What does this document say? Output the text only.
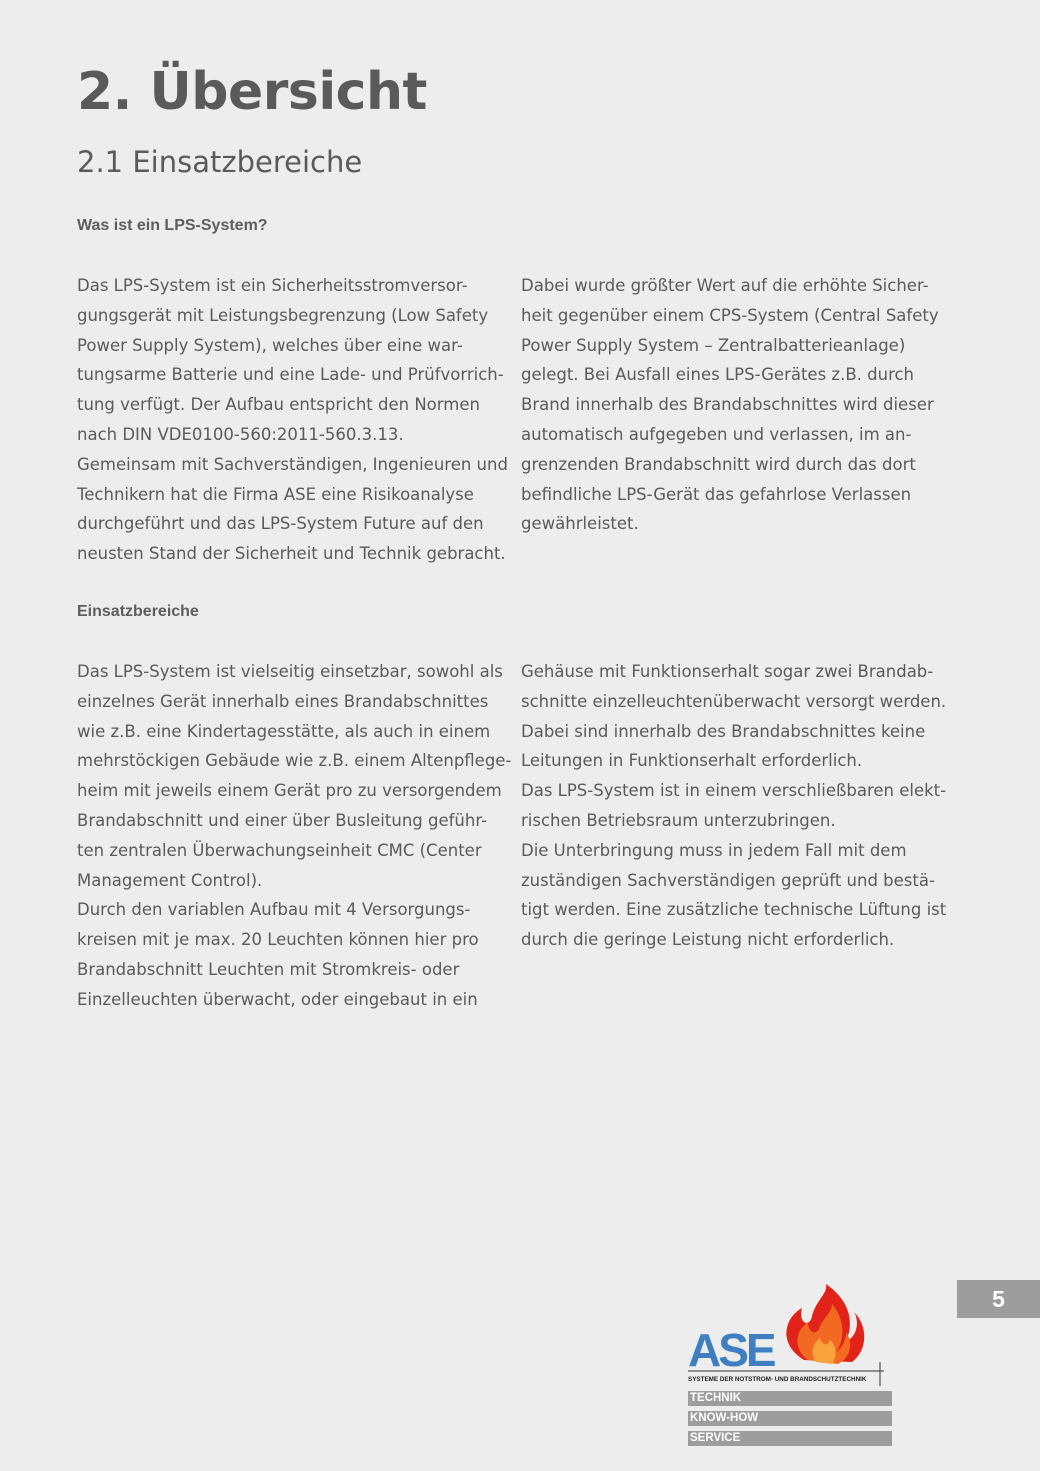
2. Übersicht
2.1 Einsatzbereiche
Was ist ein LPS-System?

Das LPS-System ist ein Sicherheitsstromversor-

gungsgerät mit Leistungsbegrenzung (Low Safety

Power Supply System), welches über eine war-

tungsarme Batterie und eine Lade- und Prüfvorrich-

tung verfügt. Der Aufbau entspricht den Normen

nach DIN VDE0100-560:2011-560.3.13.

Gemeinsam mit Sachverständigen, Ingenieuren und

Technikern hat die Firma ASE eine Risikoanalyse

durchgeführt und das LPS-System Future auf den

neusten Stand der Sicherheit und Technik gebracht.

Dabei wurde größter Wert auf die erhöhte Sicher-

heit gegenüber einem CPS-System (Central Safety

Power Supply System – Zentralbatterieanlage)

gelegt. Bei Ausfall eines LPS-Gerätes z.B. durch

Brand innerhalb des Brandabschnittes wird dieser

automatisch aufgegeben und verlassen, im an-

grenzenden Brandabschnitt wird durch das dort

befindliche LPS-Gerät das gefahrlose Verlassen

gewährleistet.

Einsatzbereiche

Das LPS-System ist vielseitig einsetzbar, sowohl als

einzelnes Gerät innerhalb eines Brandabschnittes

wie z.B. eine Kindertagesstätte, als auch in einem

mehrstöckigen Gebäude wie z.B. einem Altenpflege-

heim mit jeweils einem Gerät pro zu versorgendem

Brandabschnitt und einer über Busleitung geführ-

ten zentralen Überwachungseinheit CMC (Center

Management Control).

Durch den variablen Aufbau mit 4 Versorgungs-

kreisen mit je max. 20 Leuchten können hier pro

Brandabschnitt Leuchten mit Stromkreis- oder

Einzelleuchten überwacht, oder eingebaut in ein

Gehäuse mit Funktionserhalt sogar zwei Brandab-

schnitte einzelleuchtenüberwacht versorgt werden.

Dabei sind innerhalb des Brandabschnittes keine

Leitungen in Funktionserhalt erforderlich.

Das LPS-System ist in einem verschließbaren elekt-

rischen Betriebsraum unterzubringen.

Die Unterbringung muss in jedem Fall mit dem

zuständigen Sachverständigen geprüft und bestä-

tigt werden. Eine zusätzliche technische Lüftung ist

durch die geringe Leistung nicht erforderlich.

5
ASE ®
SYSTEME DER NOTSTROM- UND BRANDSCHUTZTECHNIK
TECHNIK
KNOW-HOW
SERVICE
